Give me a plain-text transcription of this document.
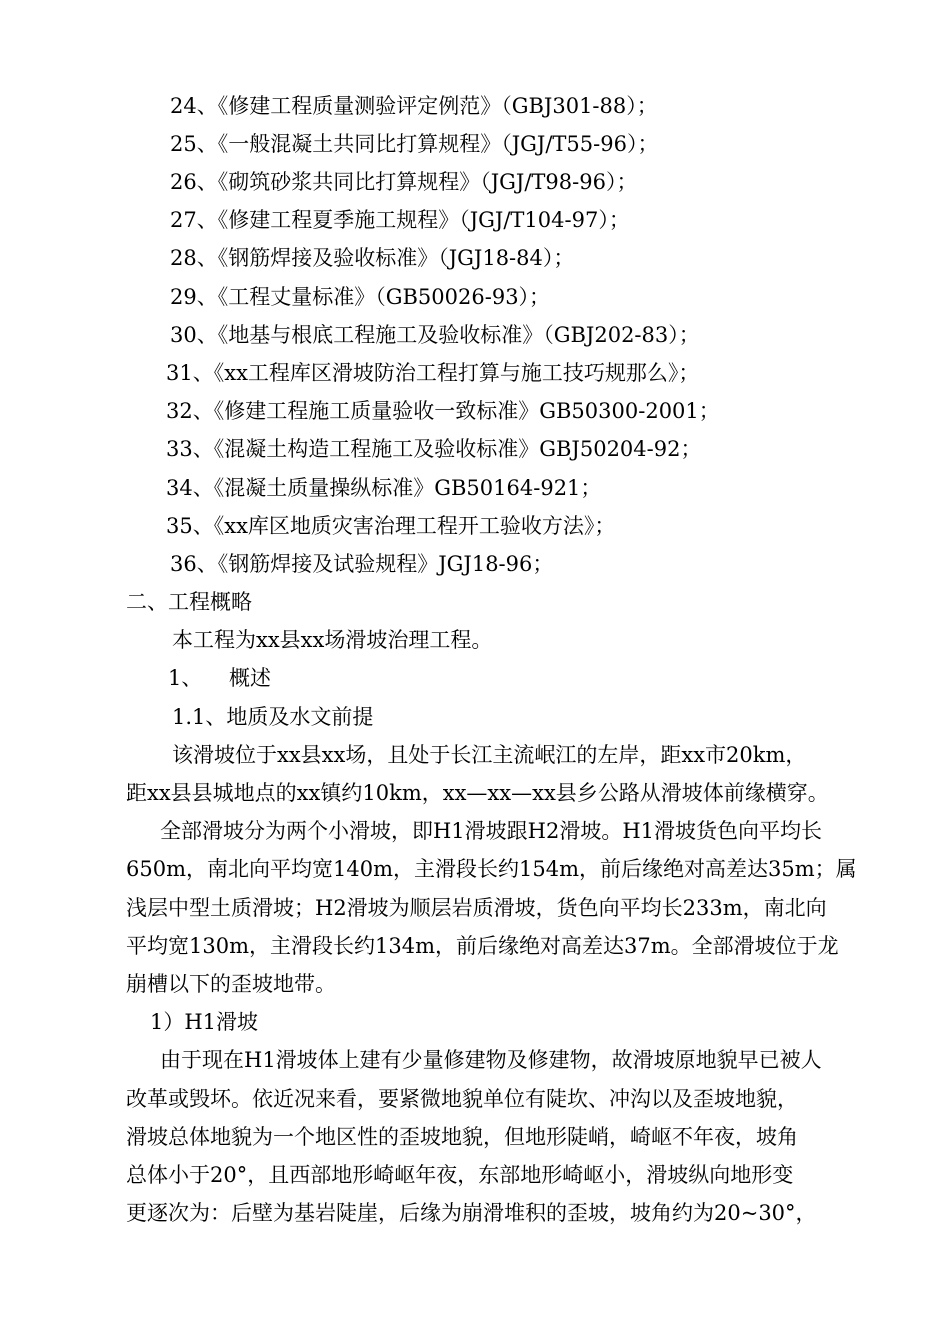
24、《修建工程质量测验评定例范》（GBJ301-88）；
25、《一般混凝土共同比打算规程》（JGJ/T55-96）；
26、《砌筑砂浆共同比打算规程》（JGJ/T98-96）；
27、《修建工程夏季施工规程》（JGJ/T104-97）；
28、《钢筋焊接及验收标准》（JGJ18-84）；
29、《工程丈量标准》（GB50026-93）；
30、《地基与根底工程施工及验收标准》（GBJ202-83）；
31、《xx工程库区滑坡防治工程打算与施工技巧规那么》；
32、《修建工程施工质量验收一致标准》GB50300-2001；
33、《混凝土构造工程施工及验收标准》GBJ50204-92；
34、《混凝土质量操纵标准》GB50164-921；
35、《xx库区地质灾害治理工程开工验收方法》；
36、《钢筋焊接及试验规程》JGJ18-96；
二、工程概略
本工程为xx县xx场滑坡治理工程。
1、    概述
1.1、地质及水文前提
该滑坡位于xx县xx场，且处于长江主流岷江的左岸，距xx市20km，
距xx县县城地点的xx镇约10km，xx—xx—xx县乡公路从滑坡体前缘横穿。
全部滑坡分为两个小滑坡，即H1滑坡跟H2滑坡。H1滑坡货色向平均长
650m，南北向平均宽140m，主滑段长约154m，前后缘绝对高差达35m；属
浅层中型土质滑坡；H2滑坡为顺层岩质滑坡，货色向平均长233m，南北向
平均宽130m，主滑段长约134m，前后缘绝对高差达37m。全部滑坡位于龙
崩槽以下的歪坡地带。
1）H1滑坡
由于现在H1滑坡体上建有少量修建物及修建物，故滑坡原地貌早已被人
改革或毁坏。依近况来看，要紧微地貌单位有陡坎、冲沟以及歪坡地貌，
滑坡总体地貌为一个地区性的歪坡地貌，但地形陡峭，崎岖不年夜，坡角
总体小于20°，且西部地形崎岖年夜，东部地形崎岖小，滑坡纵向地形变
更逐次为：后壁为基岩陡崖，后缘为崩滑堆积的歪坡，坡角约为20~30°，
